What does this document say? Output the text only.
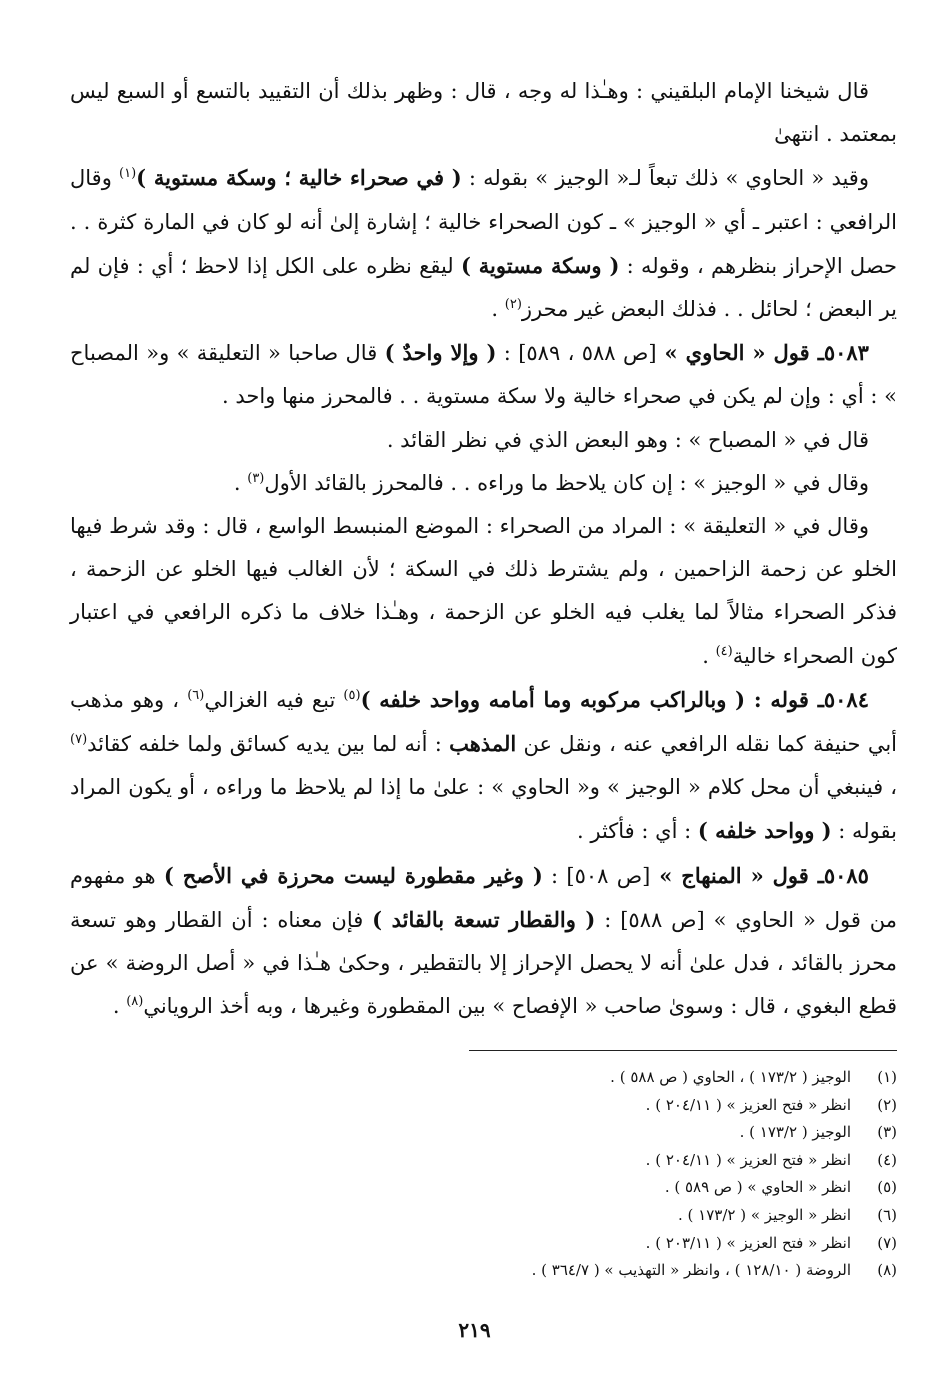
قال شيخنا الإمام البلقيني : وهـٰذا له وجه ، قال : وظهر بذلك أن التقييد بالتسع أو السبع ليس بمعتمد . انتهىٰ

وقيد « الحاوي » ذلك تبعاً لـ« الوجيز » بقوله : ( في صحراء خالية ؛ وسكة مستوية )$^{(١)}$ وقال الرافعي : اعتبر ـ أي « الوجيز » ـ كون الصحراء خالية ؛ إشارة إلىٰ أنه لو كان في المارة كثرة . . حصل الإحراز بنظرهم ، وقوله : ( وسكة مستوية ) ليقع نظره على الكل إذا لاحظ ؛ أي : فإن لم ير البعض ؛ لحائل . . فذلك البعض غير محرز$^{(٢)}$ .

٥٠٨٣ـ قول « الحاوي » [ص ٥٨٨ ، ٥٨٩] : ( وإلا واحدٌ ) قال صاحبا « التعليقة » و« المصباح » : أي : وإن لم يكن في صحراء خالية ولا سكة مستوية . . فالمحرز منها واحد .

قال في « المصباح » : وهو البعض الذي في نظر القائد .

وقال في « الوجيز » : إن كان يلاحظ ما وراءه . . فالمحرز بالقائد الأول$^{(٣)}$ .

وقال في « التعليقة » : المراد من الصحراء : الموضع المنبسط الواسع ، قال : وقد شرط فيها الخلو عن زحمة الزاحمين ، ولم يشترط ذلك في السكة ؛ لأن الغالب فيها الخلو عن الزحمة ، فذكر الصحراء مثالاً لما يغلب فيه الخلو عن الزحمة ، وهـٰذا خلاف ما ذكره الرافعي في اعتبار كون الصحراء خالية$^{(٤)}$ .

٥٠٨٤ـ قوله : ( وبالراكب مركوبه وما أمامه وواحد خلفه )$^{(٥)}$ تبع فيه الغزالي$^{(٦)}$ ، وهو مذهب أبي حنيفة كما نقله الرافعي عنه ، ونقل عن المذهب : أنه لما بين يديه كسائق ولما خلفه كقائد$^{(٧)}$ ، فينبغي أن محل كلام « الوجيز » و« الحاوي » : علىٰ ما إذا لم يلاحظ ما وراءه ، أو يكون المراد بقوله : ( وواحد خلفه ) : أي : فأكثر .

٥٠٨٥ـ قول « المنهاج » [ص ٥٠٨] : ( وغير مقطورة ليست محرزة في الأصح ) هو مفهوم من قول « الحاوي » [ص ٥٨٨] : ( والقطار تسعة بالقائد ) فإن معناه : أن القطار وهو تسعة محرز بالقائد ، فدل علىٰ أنه لا يحصل الإحراز إلا بالتقطير ، وحكىٰ هـٰذا في « أصل الروضة » عن قطع البغوي ، قال : وسوىٰ صاحب « الإفصاح » بين المقطورة وغيرها ، وبه أخذ الروياني$^{(٨)}$ .

(١)
الوجيز ( ١٧٣/٢ ) ، الحاوي ( ص ٥٨٨ ) .
(٢)
انظر « فتح العزيز » ( ٢٠٤/١١ ) .
(٣)
الوجيز ( ١٧٣/٢ ) .
(٤)
انظر « فتح العزيز » ( ٢٠٤/١١ ) .
(٥)
انظر « الحاوي » ( ص ٥٨٩ ) .
(٦)
انظر « الوجيز » ( ١٧٣/٢ ) .
(٧)
انظر « فتح العزيز » ( ٢٠٣/١١ ) .
(٨)
الروضة ( ١٢٨/١٠ ) ، وانظر « التهذيب » ( ٣٦٤/٧ ) .
٢١٩
